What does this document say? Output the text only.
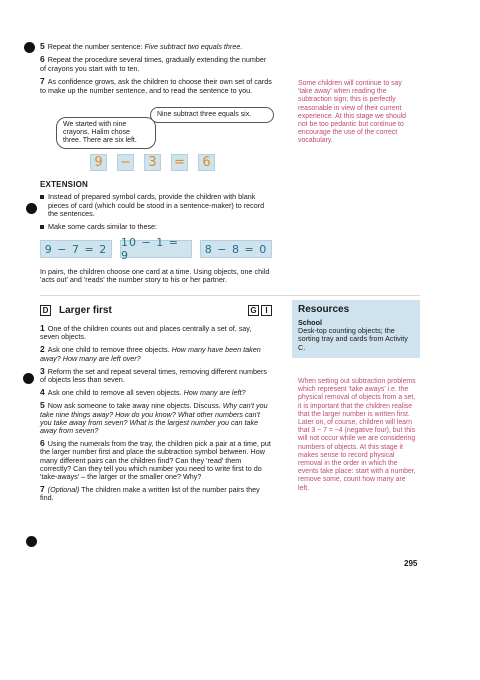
5 Repeat the number sentence: Five subtract two equals three.

6 Repeat the procedure several times, gradually extending the number of crayons you start with to ten.

7 As confidence grows, ask the children to choose their own set of cards to make up the number sentence, and to read the sentence to you.

Nine subtract three equals six.
We started with nine crayons. Halim chose three. There are six left.
9	−	3	=	6
Some children will continue to say 'take away' when reading the subtraction sign; this is perfectly reasonable in view of their current experience. At this stage we should not be too pedantic but continue to encourage the use of the correct vocabulary.

EXTENSION

Instead of prepared symbol cards, provide the children with blank pieces of card (which could be stood in a sentence-maker) to record the sentences.
Make some cards similar to these:
9 − 7 = 2	10 − 1 = 9	8 − 8 = 0
In pairs, the children choose one card at a time. Using objects, one child 'acts out' and 'reads' the number story to his or her partner.
D Larger first	G	I	Resources
School
Desk-top counting objects; the sorting tray and cards from Activity C.

1 One of the children counts out and places centrally a set of, say, seven objects.

2 Ask one child to remove three objects. How many have been taken away? How many are left over?

3 Reform the set and repeat several times, removing different numbers of objects less than seven.

4 Ask one child to remove all seven objects. How many are left?

5 Now ask someone to take away nine objects. Discuss. Why can't you take nine things away? How do you know? What other numbers can't you take away from seven? What is the largest number you can take away from seven?

6 Using the numerals from the tray, the children pick a pair at a time, put the larger number first and place the subtraction symbol between. How many different pairs can the children find? Can they 'read' them correctly? Can they tell you which number you need to write first to do 'take-aways' – the larger or the smaller one? Why?

7 (Optional) The children make a written list of the number pairs they find.

When setting out subtraction problems which represent 'take aways' i.e. the physical removal of objects from a set, it is important that the children realise that the larger number is written first. Later on, of course, children will learn that 3 − 7 = −4 (negative four), but this will not occur while we are considering numbers of objects. At this stage it makes sense to record physical removal in the order in which the events take place: start with a number, remove some, count how many are left.
295
